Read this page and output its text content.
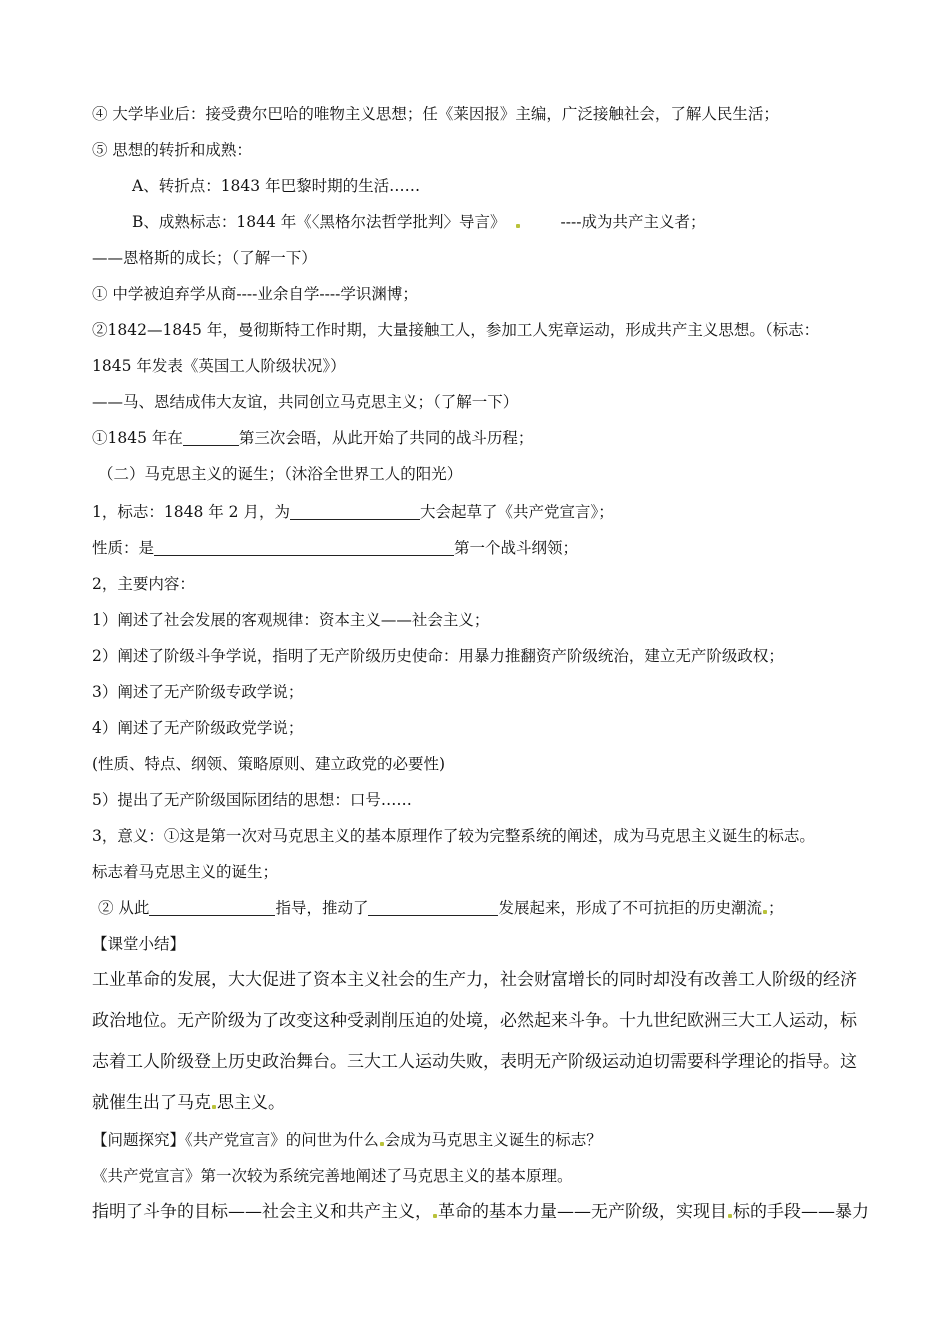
④ 大学毕业后：接受费尔巴哈的唯物主义思想；任《莱因报》主编，广泛接触社会，了解人民生活；
⑤ 思想的转折和成熟：
A、转折点：1843 年巴黎时期的生活……
B、成熟标志：1844 年《〈黑格尔法哲学批判〉导言》	----成为共产主义者；
——恩格斯的成长；（了解一下）
① 中学被迫弃学从商----业余自学----学识渊博；
②1842—1845 年，曼彻斯特工作时期，大量接触工人，参加工人宪章运动，形成共产主义思想。（标志：
1845 年发表《英国工人阶级状况》）
——马、恩结成伟大友谊，共同创立马克思主义；（了解一下）
①1845 年在	第三次会晤，从此开始了共同的战斗历程；
（二）马克思主义的诞生；（沐浴全世界工人的阳光）
1，标志：1848 年 2 月，为	大会起草了《共产党宣言》；
性质：是	第一个战斗纲领；
2，主要内容：
1）阐述了社会发展的客观规律：资本主义——社会主义；
2）阐述了阶级斗争学说，指明了无产阶级历史使命：用暴力推翻资产阶级统治，建立无产阶级政权；
3）阐述了无产阶级专政学说；
4）阐述了无产阶级政党学说；
(性质、特点、纲领、策略原则、建立政党的必要性)
5）提出了无产阶级国际团结的思想：口号……
3，意义：①这是第一次对马克思主义的基本原理作了较为完整系统的阐述，成为马克思主义诞生的标志。
标志着马克思主义的诞生；
② 从此	指导，推动了	发展起来，形成了不可抗拒的历史潮流 ；
【课堂小结】
工业革命的发展，大大促进了资本主义社会的生产力，社会财富增长的同时却没有改善工人阶级的经济
政治地位。无产阶级为了改变这种受剥削压迫的处境，必然起来斗争。十九世纪欧洲三大工人运动，标
志着工人阶级登上历史政治舞台。三大工人运动失败，表明无产阶级运动迫切需要科学理论的指导。这
就催生出了马克 思主义。
【问题探究】《共产党宣言》的问世为什么 会成为马克思主义诞生的标志？
《共产党宣言》第一次较为系统完善地阐述了马克思主义的基本原理。
指明了斗争的目标——社会主义和共产主义， 革命的基本力量——无产阶级，实现目 标的手段——暴力
